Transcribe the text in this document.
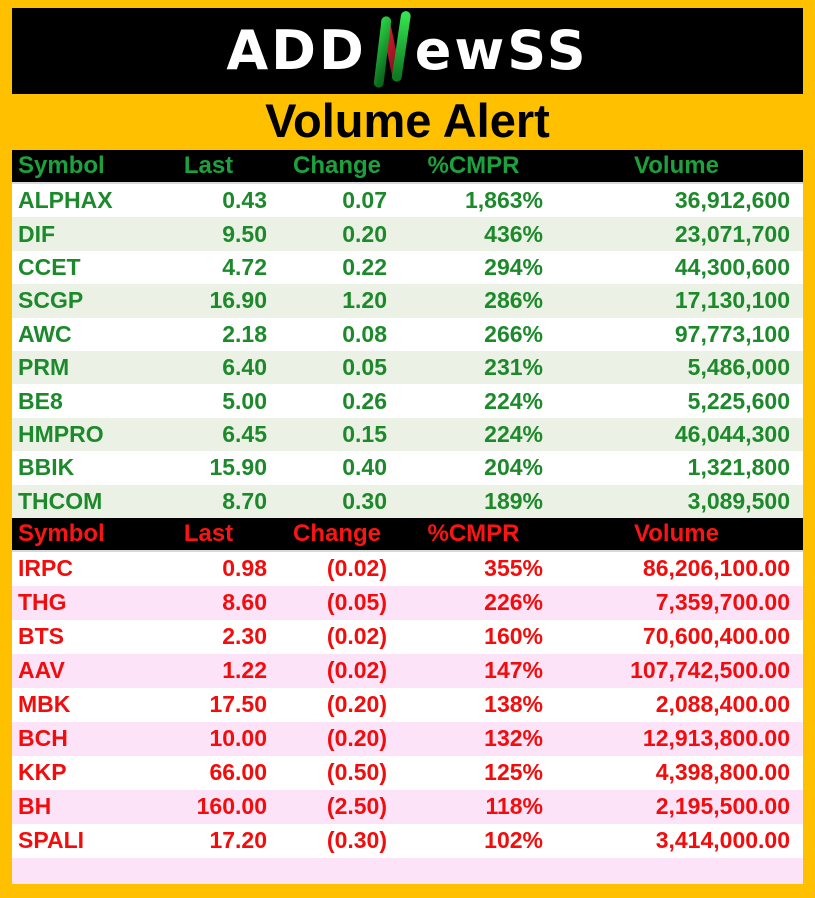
ADD ewSS
Volume Alert
Symbol	Last	Change	%CMPR	Volume
ALPHAX	0.43	0.07	1,863%	36,912,600
DIF	9.50	0.20	436%	23,071,700
CCET	4.72	0.22	294%	44,300,600
SCGP	16.90	1.20	286%	17,130,100
AWC	2.18	0.08	266%	97,773,100
PRM	6.40	0.05	231%	5,486,000
BE8	5.00	0.26	224%	5,225,600
HMPRO	6.45	0.15	224%	46,044,300
BBIK	15.90	0.40	204%	1,321,800
THCOM	8.70	0.30	189%	3,089,500
Symbol	Last	Change	%CMPR	Volume
IRPC	0.98	(0.02)	355%	86,206,100.00
THG	8.60	(0.05)	226%	7,359,700.00
BTS	2.30	(0.02)	160%	70,600,400.00
AAV	1.22	(0.02)	147%	107,742,500.00
MBK	17.50	(0.20)	138%	2,088,400.00
BCH	10.00	(0.20)	132%	12,913,800.00
KKP	66.00	(0.50)	125%	4,398,800.00
BH	160.00	(2.50)	118%	2,195,500.00
SPALI	17.20	(0.30)	102%	3,414,000.00
